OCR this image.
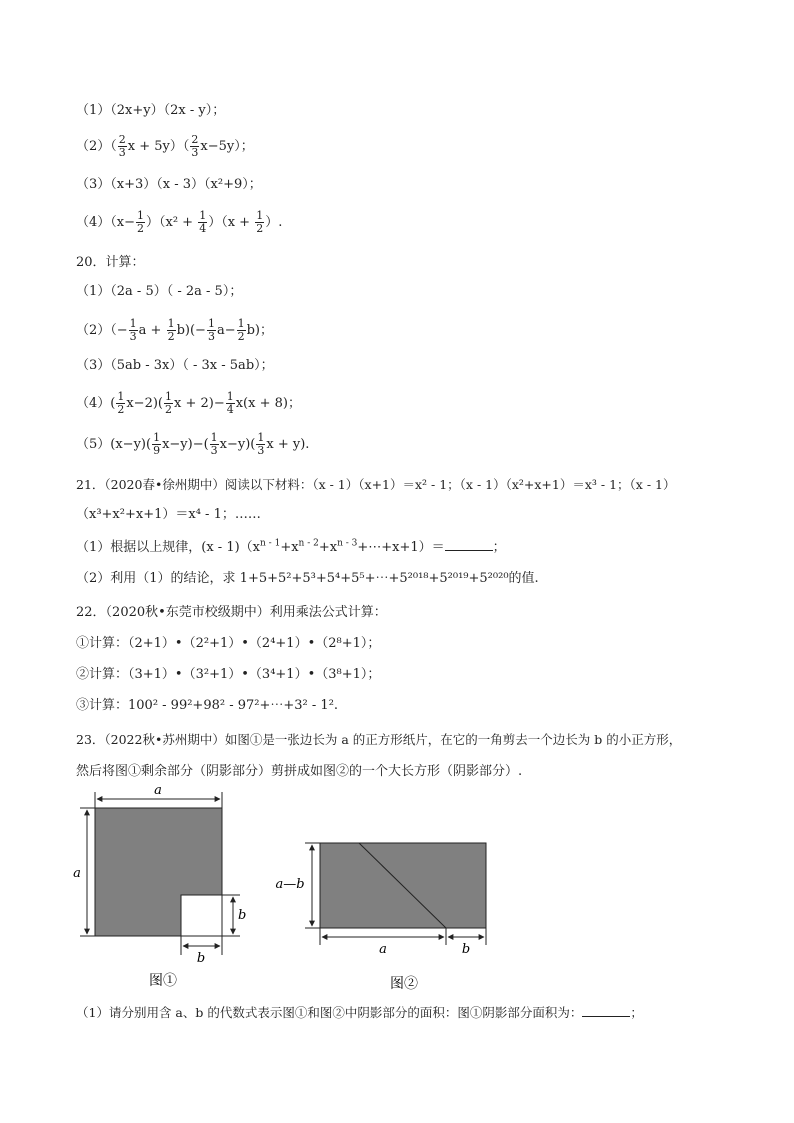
（1）（2x+y）（2x - y）；
$(2)( \frac{2}{3}$ $x + 5y)( \frac{2}{3} x-5y)$；
（3）（x+3）（x - 3）（x²+9）；
$(4)(x- \frac{1}{2} )(x^2 + \frac{1}{4} )(x + \frac{1}{2}$ ）.
20．计算：
（1）（2a - 5）（ - 2a - 5）；
$(2)(- \frac{1}{3}$ $a + \frac{1}{2} b)(- \frac{1}{3} a- \frac{1}{2} b)$；
（3）（5ab - 3x）（ - 3x - 5ab）；
$(4)( \frac{1}{2} x-2)( \frac{1}{2}$ $x + 2)- \frac{1}{4} x(x + 8)$；
$(5)(x-y)( \frac{1}{9} x-y)-( \frac{1}{3} x-y)( \frac{1}{3}$ x + y).
21．（2020春•徐州期中）阅读以下材料：（x - 1）（x+1）＝x² - 1；（x - 1）（x²+x+1）＝x³ - 1；（x - 1）
（x³+x²+x+1）＝x⁴ - 1；……
（1）根据以上规律，$(x - 1)(x^{n - 1}+x^{n - 2}+x^{n - 3}+\cdots+x+1)=$	；
（2）利用（1）的结论，求 1+5+5²+5³+5⁴+5⁵+⋯+5²⁰¹⁸+5²⁰¹⁹+5²⁰²⁰的值.
22．（2020秋•东莞市校级期中）利用乘法公式计算：
①计算：（2+1）•（2²+1）•（2⁴+1）•（2⁸+1）；
②计算：（3+1）•（3²+1）•（3⁴+1）•（3⁸+1）；
③计算：100² - 99²+98² - 97²+⋯+3² - 1².
23．（2022秋•苏州期中）如图①是一张边长为 a 的正方形纸片，在它的一角剪去一个边长为 b 的小正方形，
然后将图①剩余部分（阴影部分）剪拼成如图②的一个大长方形（阴影部分）.
a
a
b
b
图①
a—b
a	b
图②
（1）请分别用含 a、b 的代数式表示图①和图②中阴影部分的面积：图①阴影部分面积为：	；
